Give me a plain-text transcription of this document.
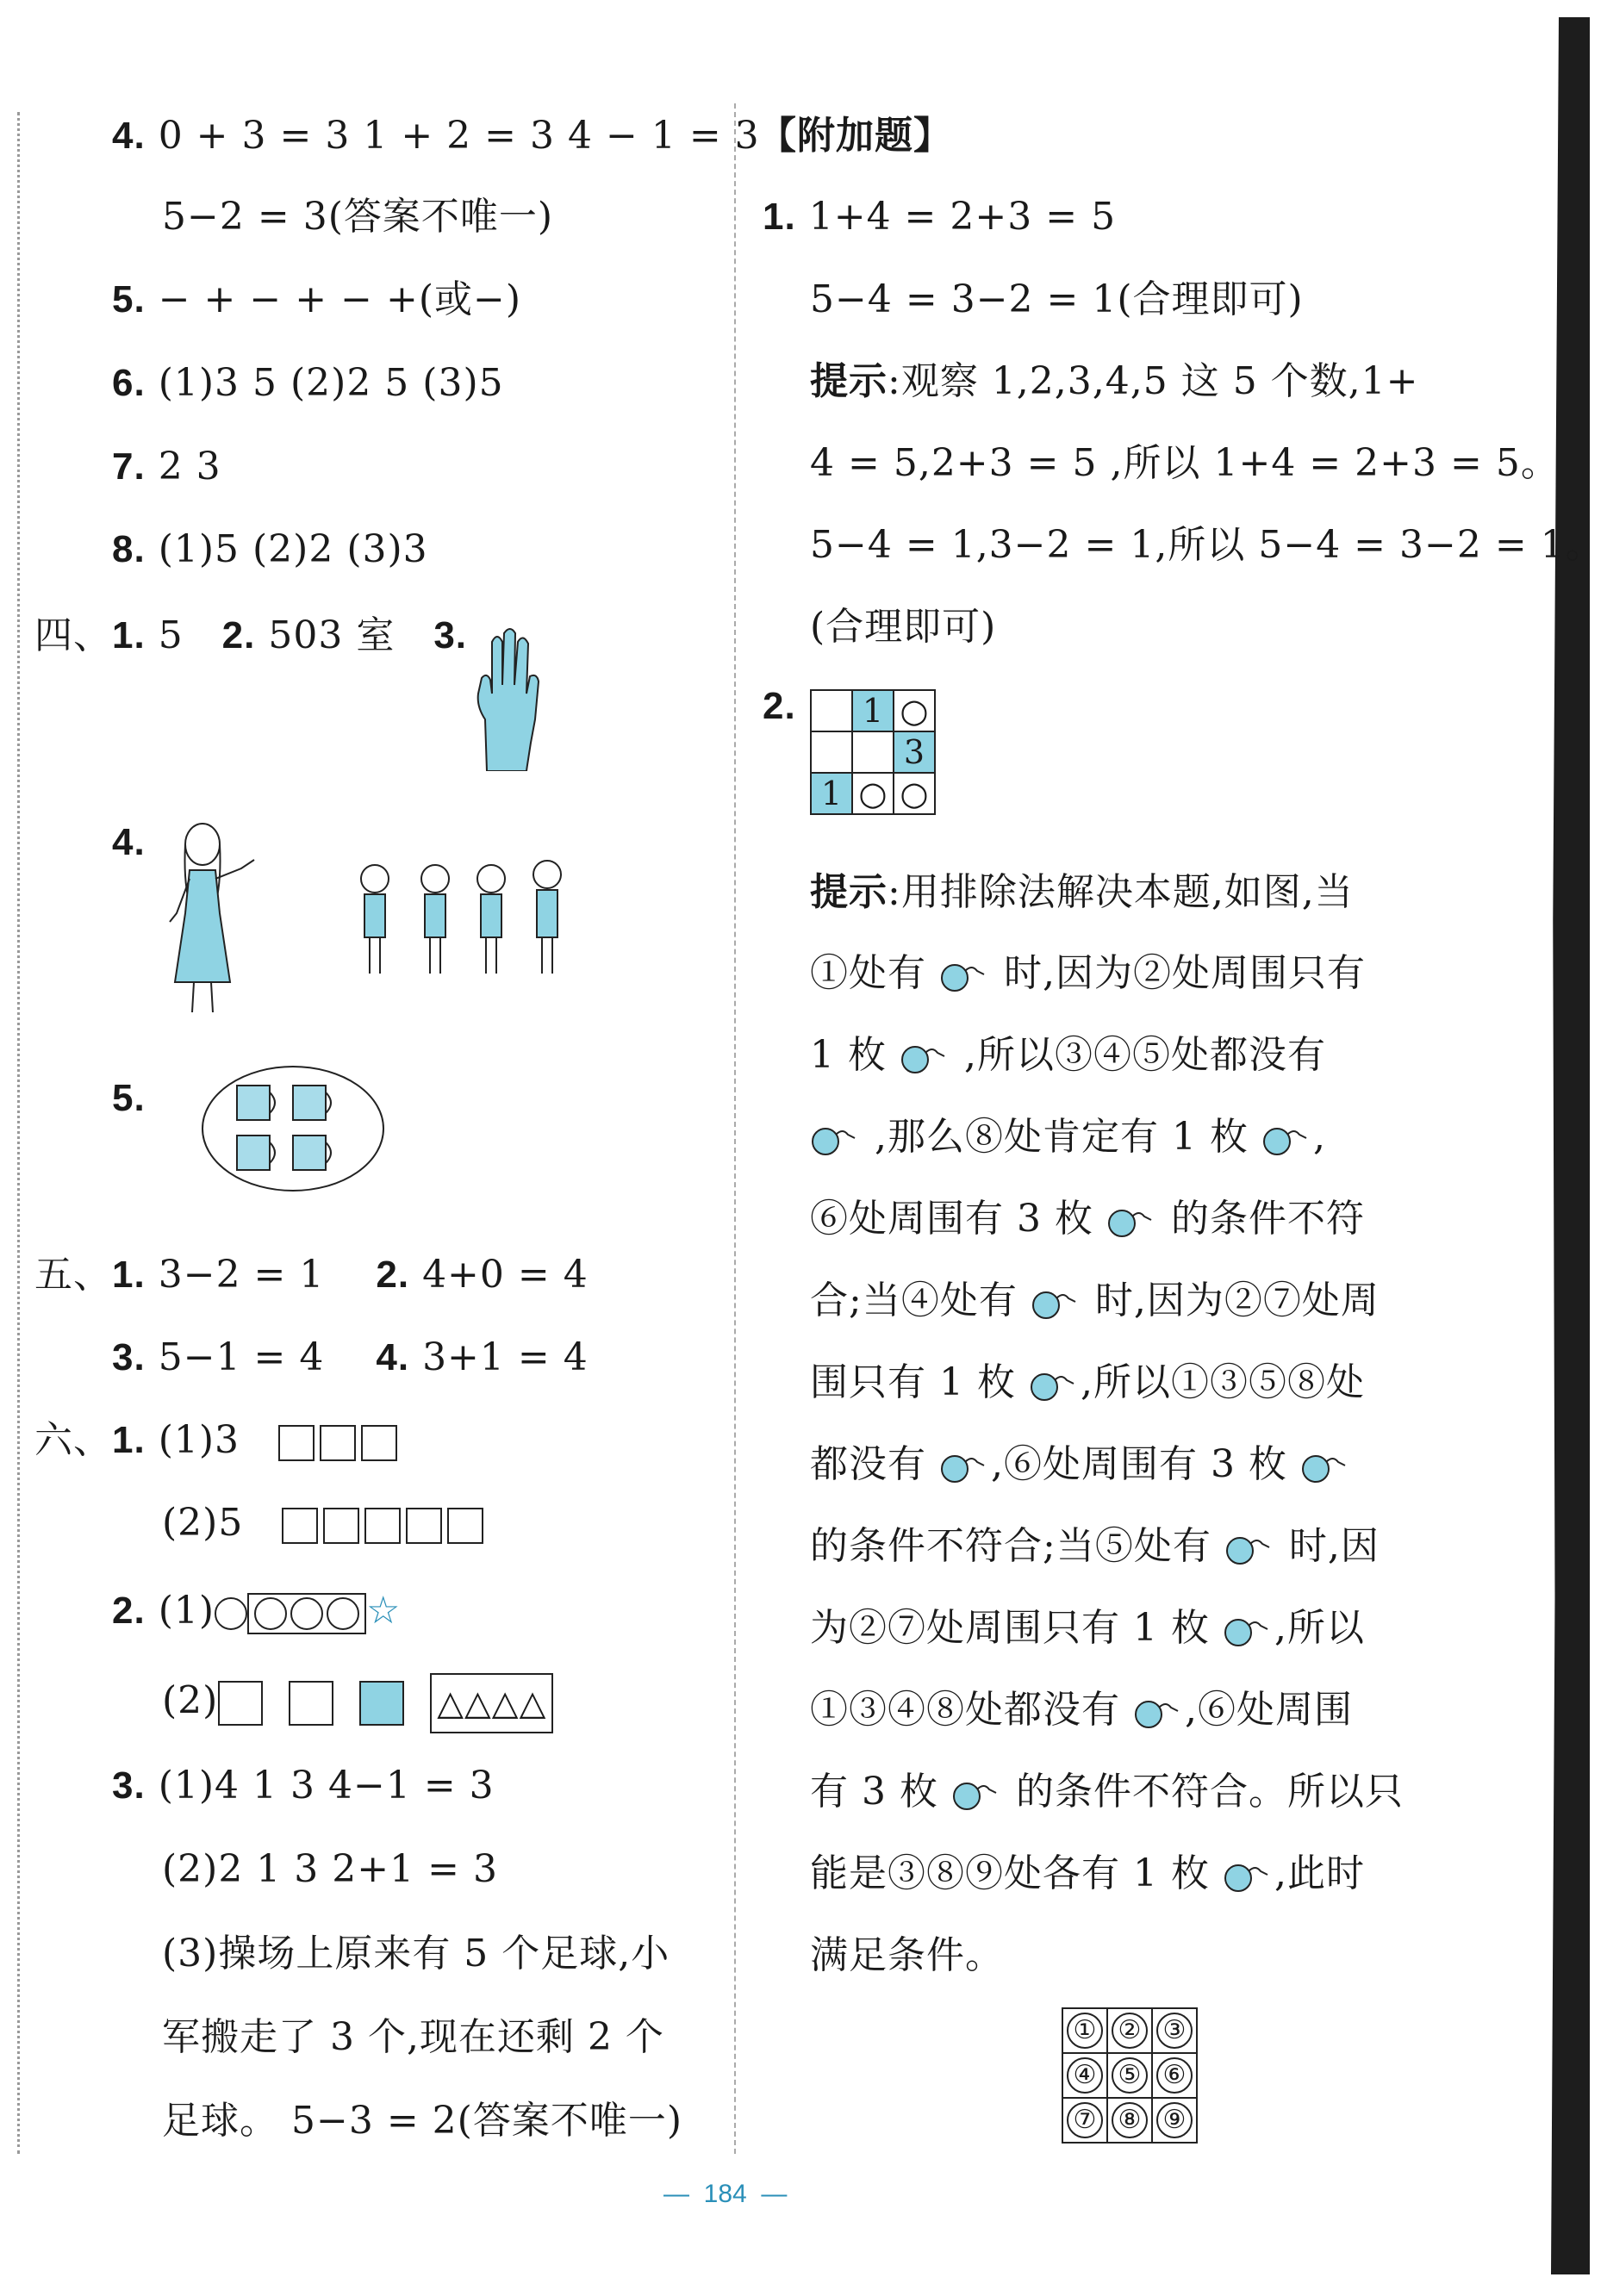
4. 0 + 3 = 3 1 + 2 = 3 4 − 1 = 3
5−2 = 3(答案不唯一)
5. − + − + − +(或−)
6. (1)3 5 (2)2 5 (3)5
7. 2 3
8. (1)5 (2)2 (3)3
四、1. 5 2. 503 室 3.
4.
5.
五、1. 3−2 = 1 2. 4+0 = 4
3. 5−1 = 4 4. 3+1 = 4
六、1. (1)3
(2)5
2. (1)	☆
(2)	△△△△
3. (1)4 1 3 4−1 = 3
(2)2 1 3 2+1 = 3
(3)操场上原来有 5 个足球,小
军搬走了 3 个,现在还剩 2 个
足球。 5−3 = 2(答案不唯一)
【附加题】
1. 1+4 = 2+3 = 5
5−4 = 3−2 = 1(合理即可)
提示:观察 1,2,3,4,5 这 5 个数,1+
4 = 5,2+3 = 5 ,所以 1+4 = 2+3 = 5。
5−4 = 1,3−2 = 1,所以 5−4 = 3−2 = 1。
(合理即可)
2.
	1	○
		3
1	○	○
提示:用排除法解决本题,如图,当
①处有 时,因为②处周围只有
1 枚 ,所以③④⑤处都没有
,那么⑧处肯定有 1 枚 ,
⑥处周围有 3 枚 的条件不符
合;当④处有 时,因为②⑦处周
围只有 1 枚 ,所以①③⑤⑧处
都没有 ,⑥处周围有 3 枚
的条件不符合;当⑤处有 时,因
为②⑦处周围只有 1 枚 ,所以
①③④⑧处都没有 ,⑥处周围
有 3 枚 的条件不符合。所以只
能是③⑧⑨处各有 1 枚 ,此时
满足条件。
①	②	③
④	⑤	⑥
⑦	⑧	⑨
— 184 —
